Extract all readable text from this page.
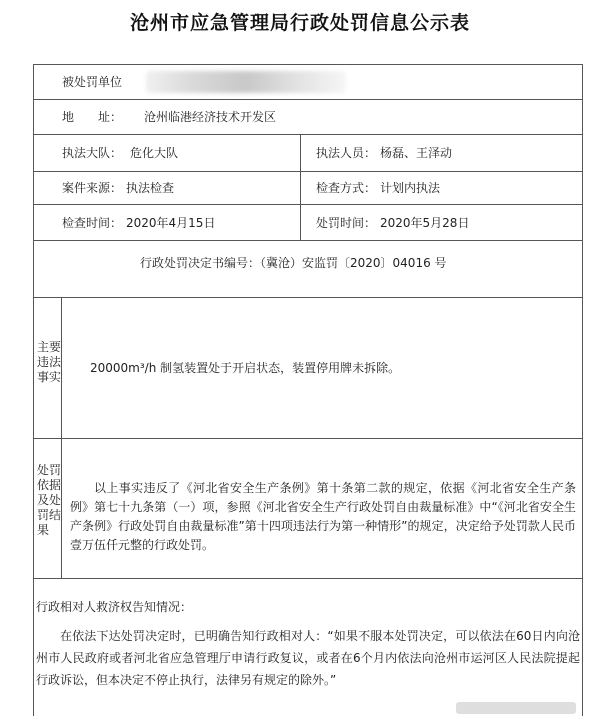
沧州市应急管理局行政处罚信息公示表
被处罚单位
地　　址： 沧州临港经济技术开发区
执法大队： 危化大队	执法人员： 杨磊、王泽动
案件来源： 执法检查	检查方式： 计划内执法
检查时间： 2020年4月15日	处罚时间： 2020年5月28日
行政处罚决定书编号：（冀沧）安监罚〔2020〕04016 号
主要违法事实
20000m³/h 制氢装置处于开启状态，装置停用牌未拆除。
处罚依据及处罚结果
以上事实违反了《河北省安全生产条例》第十条第二款的规定，依据《河北省安全生产条例》第七十九条第（一）项，参照《河北省安全生产行政处罚自由裁量标准》中“《河北省安全生产条例》行政处罚自由裁量标准”第十四项违法行为第一种情形”的规定，决定给予处罚款人民币壹万伍仟元整的行政处罚。
行政相对人救济权告知情况：
在依法下达处罚决定时，已明确告知行政相对人：“如果不服本处罚决定，可以依法在60日内向沧州市人民政府或者河北省应急管理厅申请行政复议，或者在6个月内依法向沧州市运河区人民法院提起行政诉讼，但本决定不停止执行，法律另有规定的除外。”
